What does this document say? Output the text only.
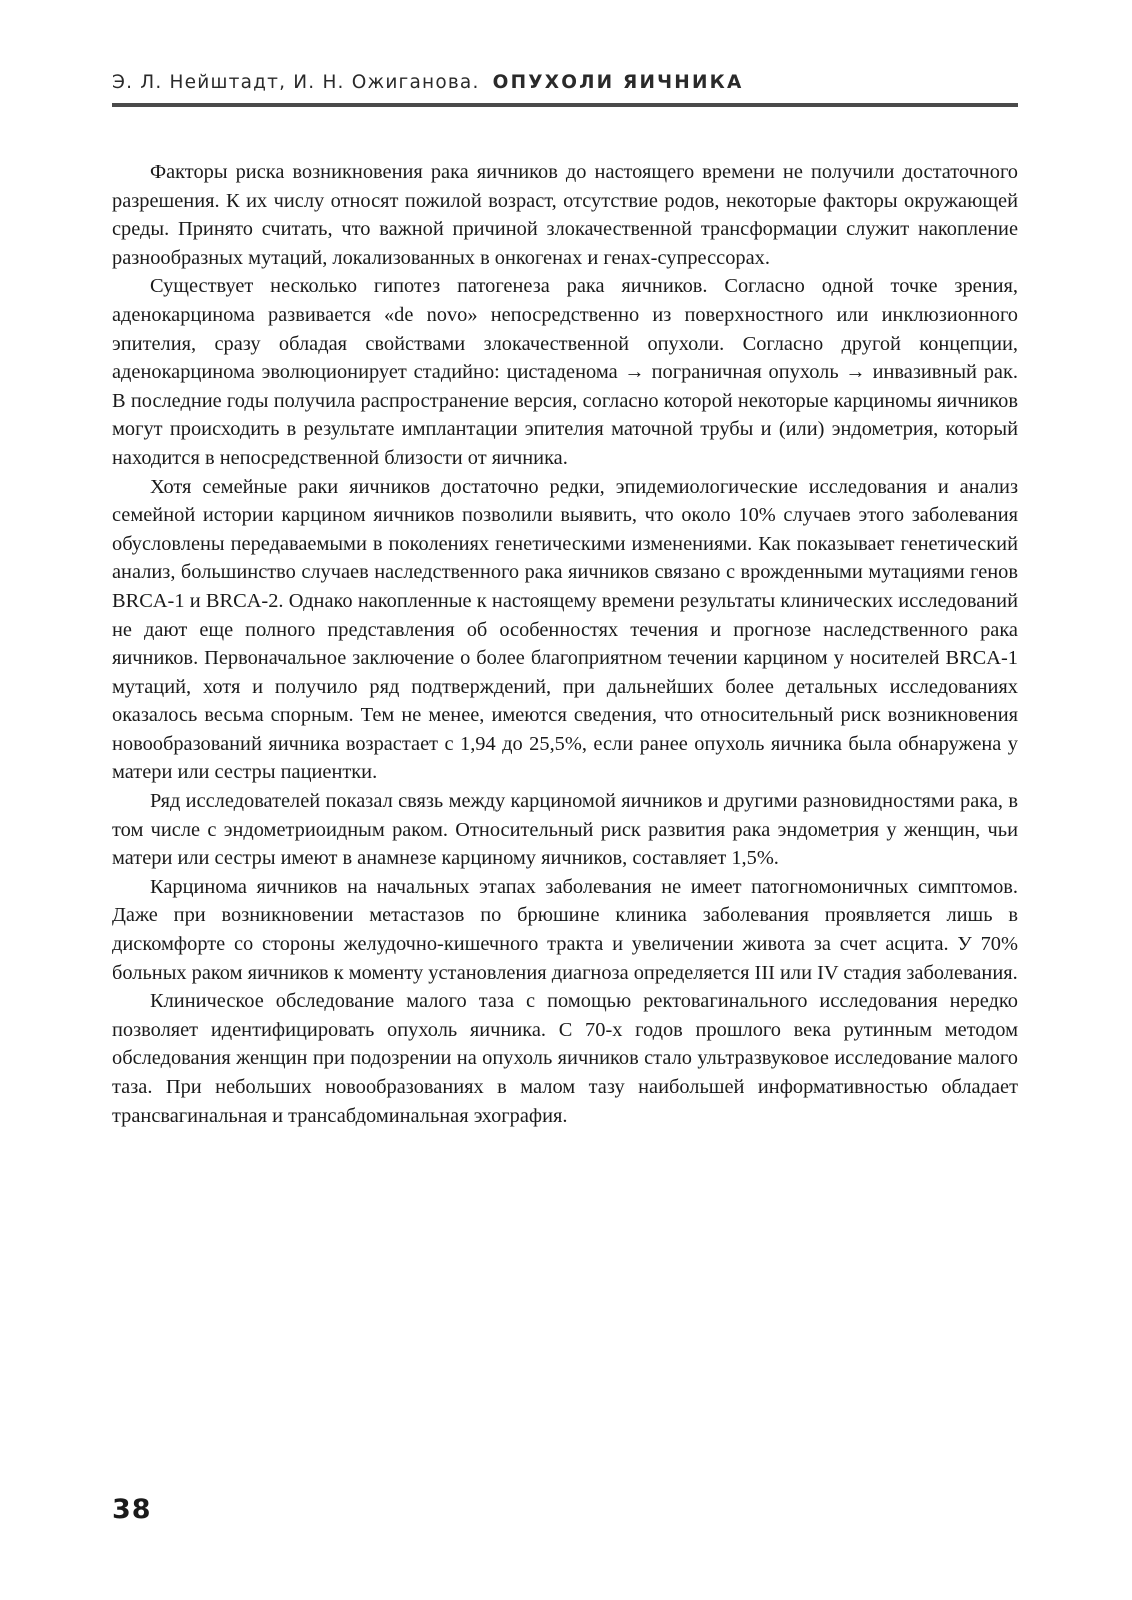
Э. Л. Нейштадт, И. Н. Ожиганова. ОПУХОЛИ ЯИЧНИКА

Факторы риска возникновения рака яичников до настоящего времени не получили достаточного разрешения. К их числу относят пожилой возраст, отсутствие родов, некоторые факторы окружающей среды. Принято считать, что важной причиной злокачественной трансформации служит накопление разнообразных мутаций, локализованных в онкогенах и генах-супрессорах.

Существует несколько гипотез патогенеза рака яичников. Согласно одной точке зрения, аденокарцинома развивается «de novo» непосредственно из поверхностного или инклюзионного эпителия, сразу обладая свойствами злокачественной опухоли. Согласно другой концепции, аденокарцинома эволюционирует стадийно: цистаденома → пограничная опухоль → инвазивный рак. В последние годы получила распространение версия, согласно которой некоторые карциномы яичников могут происходить в результате имплантации эпителия маточной трубы и (или) эндометрия, который находится в непосредственной близости от яичника.

Хотя семейные раки яичников достаточно редки, эпидемиологические исследования и анализ семейной истории карцином яичников позволили выявить, что около 10% случаев этого заболевания обусловлены передаваемыми в поколениях генетическими изменениями. Как показывает генетический анализ, большинство случаев наследственного рака яичников связано с врожденными мутациями генов BRCA-1 и BRCA-2. Однако накопленные к настоящему времени результаты клинических исследований не дают еще полного представления об особенностях течения и прогнозе наследственного рака яичников. Первоначальное заключение о более благоприятном течении карцином у носителей BRCA-1 мутаций, хотя и получило ряд подтверждений, при дальнейших более детальных исследованиях оказалось весьма спорным. Тем не менее, имеются сведения, что относительный риск возникновения новообразований яичника возрастает с 1,94 до 25,5%, если ранее опухоль яичника была обнаружена у матери или сестры пациентки.

Ряд исследователей показал связь между карциномой яичников и другими разновидностями рака, в том числе с эндометриоидным раком. Относительный риск развития рака эндометрия у женщин, чьи матери или сестры имеют в анамнезе карциному яичников, составляет 1,5%.

Карцинома яичников на начальных этапах заболевания не имеет патогномоничных симптомов. Даже при возникновении метастазов по брюшине клиника заболевания проявляется лишь в дискомфорте со стороны желудочно-кишечного тракта и увеличении живота за счет асцита. У 70% больных раком яичников к моменту установления диагноза определяется III или IV стадия заболевания.

Клиническое обследование малого таза с помощью ректовагинального исследования нередко позволяет идентифицировать опухоль яичника. С 70-х годов прошлого века рутинным методом обследования женщин при подозрении на опухоль яичников стало ультразвуковое исследование малого таза. При небольших новообразованиях в малом тазу наибольшей информативностью обладает трансвагинальная и трансабдоминальная эхография.

38
